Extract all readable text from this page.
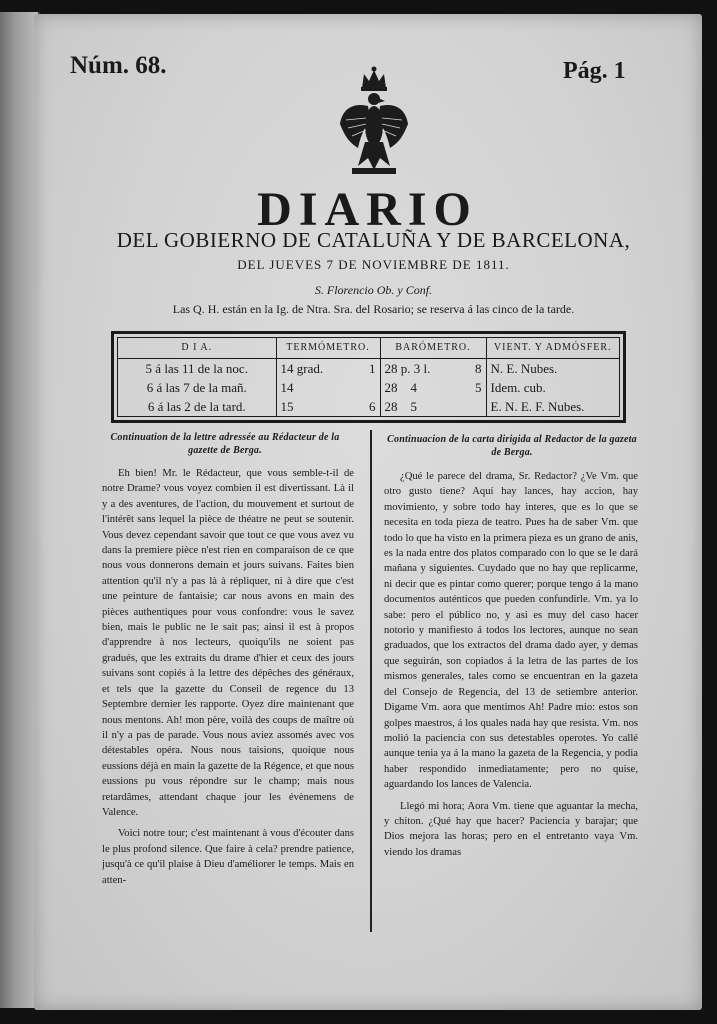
Núm. 68.	Pág. 1
DIARIO
DEL GOBIERNO DE CATALUÑA Y DE BARCELONA,
DEL JUEVES 7 DE NOVIEMBRE DE 1811.
S. Florencio Ob. y Conf.
Las Q. H. están en la Ig. de Ntra. Sra. del Rosario; se reserva á las cinco de la tarde.
D I A.	TERMÓMETRO.	BARÓMETRO.	VIENT. Y ADMÓSFER.
5 á las 11 de la noc.	14 grad. 1	28 p. 3 l. 8	N. E. Nubes.
6 á las 7 de la mañ.	14	28    4 5	Idem. cub.
6 á las 2 de la tard.	15 6	28    5	E. N. E. F. Nubes.
Continuation de la lettre adressée au Rédacteur de la gazette de Berga.
Continuacion de la carta dirigida al Redactor de la gazeta de Berga.

Eh bien! Mr. le Rédacteur, que vous semble-t-il de notre Drame? vous voyez combien il est divertissant. Là il y a des aventures, de l'action, du mouvement et surtout de l'intérêt sans lequel la pièce de théatre ne peut se soutenir. Vous devez cependant savoir que tout ce que vous avez vu dans la premiere pièce n'est rien en comparaison de ce que nous vous donnerons demain et jours suivans. Faites bien attention qu'il n'y a pas là à répliquer, ni à dire que c'est une peinture de fantaisie; car nous avons en main des pièces authentiques pour vous confondre: vous le savez bien, mais le public ne le sait pas; ainsi il est à propos d'apprendre à nos lecteurs, quoiqu'ils ne soient pas gradués, que les extraits du drame d'hier et ceux des jours suivans sont copiés à la lettre des dépêches des généraux, et tels que la gazette du Conseil de regence du 13 Septembre dernier les rapporte. Oyez dire maintenant que nous mentons. Ah! mon père, voilà des coups de maître où il n'y a pas de parade. Vous nous aviez assomés avec vos détestables opéra. Nous nous taisions, quoique nous eussions déjà en main la gazette de la Régence, et que nous eussions pu vous répondre sur le champ; mais nous retardâmes, attendant chaque jour les évènemens de Valence.

Voici notre tour; c'est maintenant à vous d'écouter dans le plus profond silence. Que faire à cela? prendre patience, jusqu'à ce qu'il plaise à Dieu d'améliorer le temps. Mais en atten-

¿Qué le parece del drama, Sr. Redactor? ¿Ve Vm. que otro gusto tiene? Aquí hay lances, hay accion, hay movimiento, y sobre todo hay interes, que es lo que se necesita en toda pieza de teatro. Pues ha de saber Vm. que todo lo que ha visto en la primera pieza es un grano de anis, es la nada entre dos platos comparado con lo que se le dará mañana y siguientes. Cuydado que no hay que replicarme, ni decir que es pintar como querer; porque tengo á la mano documentos auténticos que pueden confundirle. Vm. ya lo sabe: pero el público no, y asi es muy del caso hacer notorio y manifiesto á todos los lectores, aunque no sean graduados, que los extractos del drama dado ayer, y demas que seguirán, son copiados á la letra de las partes de los mismos generales, tales como se encuentran en la gazeta del Consejo de Regencia, del 13 de setiembre anterior. Digame Vm. aora que mentimos Ah! Padre mio: estos son golpes maestros, á los quales nada hay que resista. Vm. nos molió la paciencia con sus detestables operotes. Yo callé aunque tenia ya á la mano la gazeta de la Regencia, y podia haber respondido inmediatamente; pero no quise, aguardando los lances de Valencia.

Llegó mi hora; Aora Vm. tiene que aguantar la mecha, y chiton. ¿Qué hay que hacer? Paciencia y barajar; que Dios mejora las horas; pero en el entretanto vaya Vm. viendo los dramas
